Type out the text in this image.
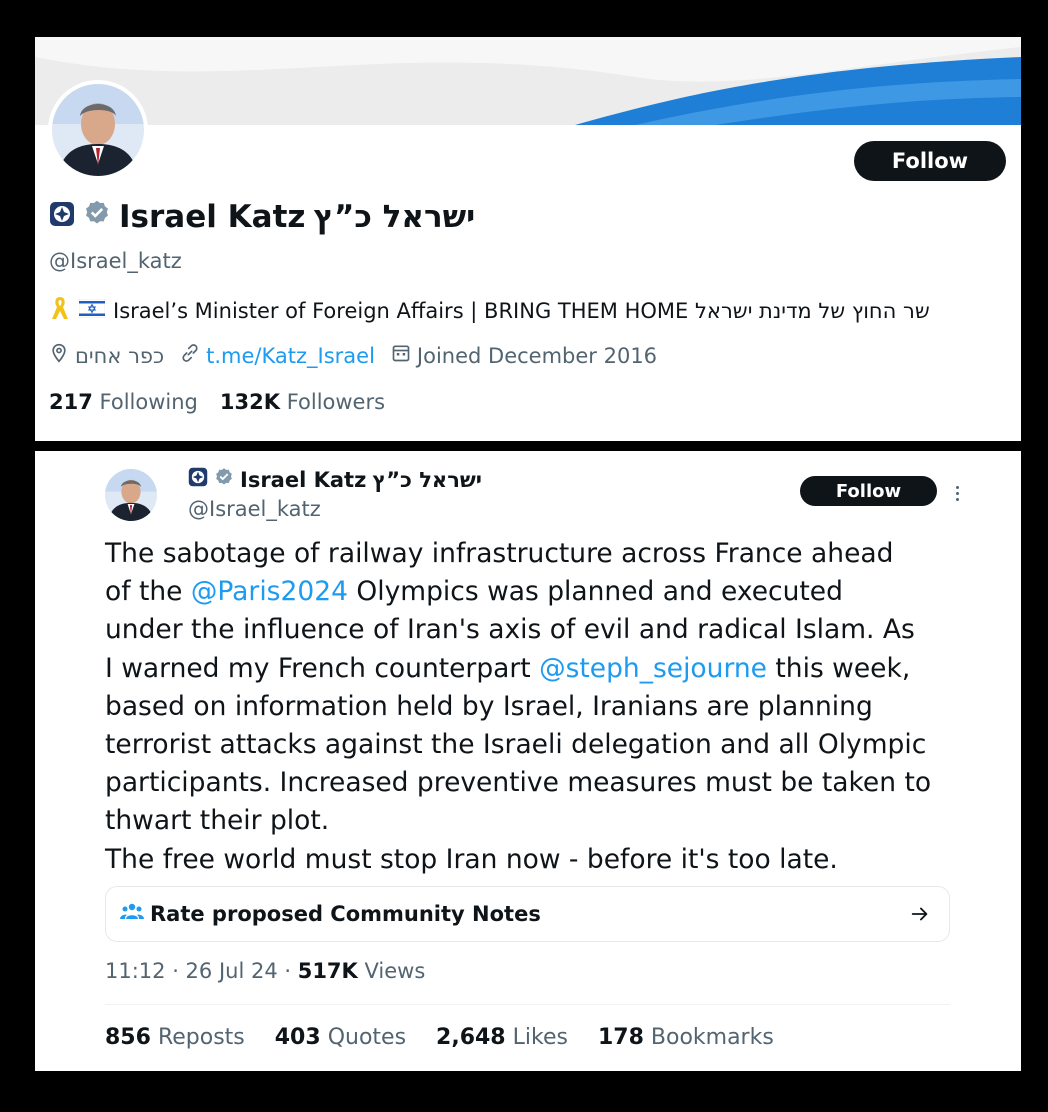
Follow
Israel Katz ישראל כ”ץ
@Israel_katz
Israel’s Minister of Foreign Affairs | BRING THEM HOME שר החוץ של מדינת ישראל
כפר אחים t.me/Katz_Israel Joined December 2016
217 Following 132K Followers
Israel Katz ישראל כ”ץ
@Israel_katz
Follow

The sabotage of railway infrastructure across France ahead

of the @Paris2024 Olympics was planned and executed

under the influence of Iran's axis of evil and radical Islam. As

I warned my French counterpart @steph_sejourne this week,

based on information held by Israel, Iranians are planning

terrorist attacks against the Israeli delegation and all Olympic

participants. Increased preventive measures must be taken to

thwart their plot.

The free world must stop Iran now - before it's too late.

Rate proposed Community Notes
11:12 · 26 Jul 24 · 517K Views
856 Reposts 403 Quotes 2,648 Likes 178 Bookmarks
